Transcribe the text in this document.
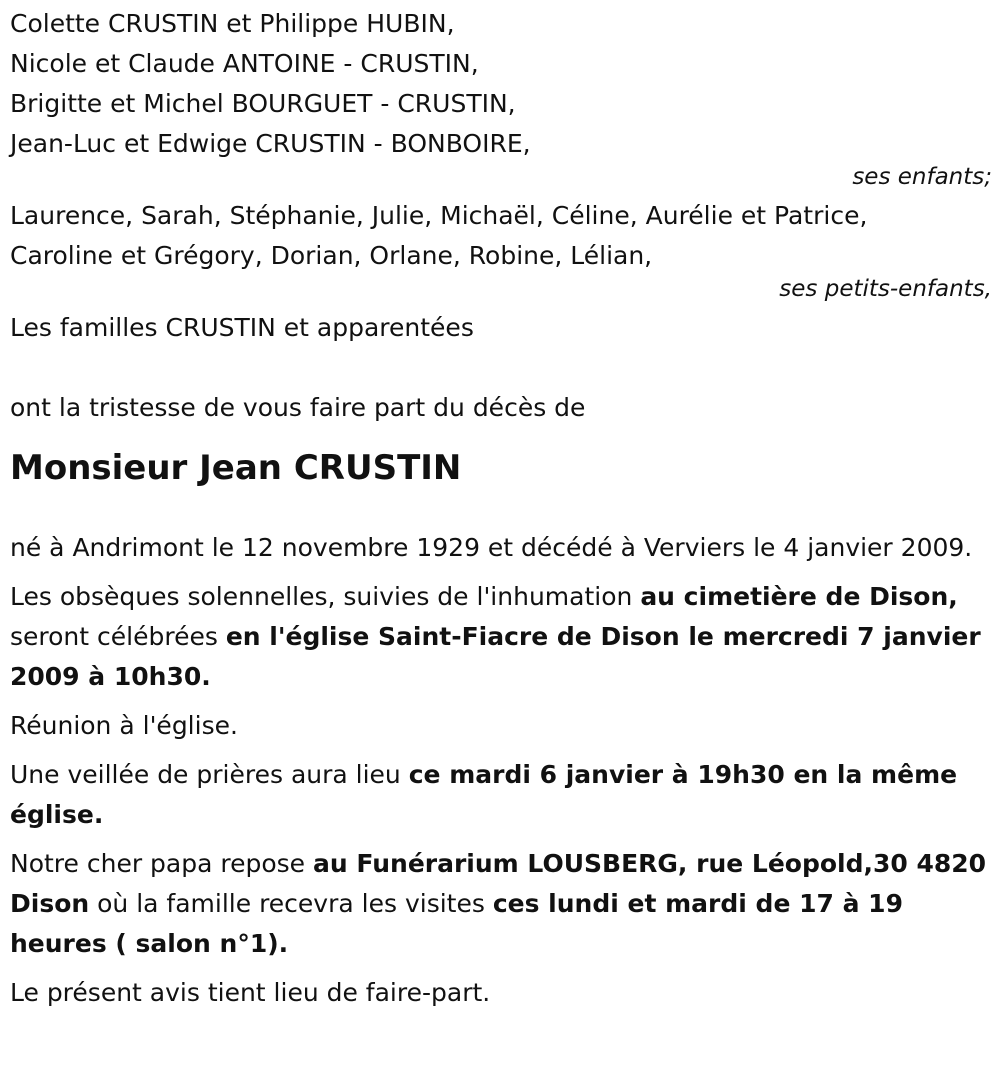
Colette CRUSTIN et Philippe HUBIN,
Nicole et Claude ANTOINE - CRUSTIN,
Brigitte et Michel BOURGUET - CRUSTIN,
Jean-Luc et Edwige CRUSTIN - BONBOIRE,
ses enfants;
Laurence, Sarah, Stéphanie, Julie, Michaël, Céline, Aurélie et Patrice,
Caroline et Grégory, Dorian, Orlane, Robine, Lélian,
ses petits-enfants,
Les familles CRUSTIN et apparentées
ont la tristesse de vous faire part du décès de
Monsieur Jean CRUSTIN
né à Andrimont le 12 novembre 1929 et décédé à Verviers le 4 janvier 2009.
Les obsèques solennelles, suivies de l'inhumation au cimetière de Dison, seront célébrées en l'église Saint-Fiacre de Dison le mercredi 7 janvier 2009 à 10h30.
Réunion à l'église.
Une veillée de prières aura lieu ce mardi 6 janvier à 19h30 en la même église.
Notre cher papa repose au Funérarium LOUSBERG, rue Léopold,30 4820 Dison où la famille recevra les visites ces lundi et mardi de 17 à 19 heures ( salon n°1).
Le présent avis tient lieu de faire-part.
